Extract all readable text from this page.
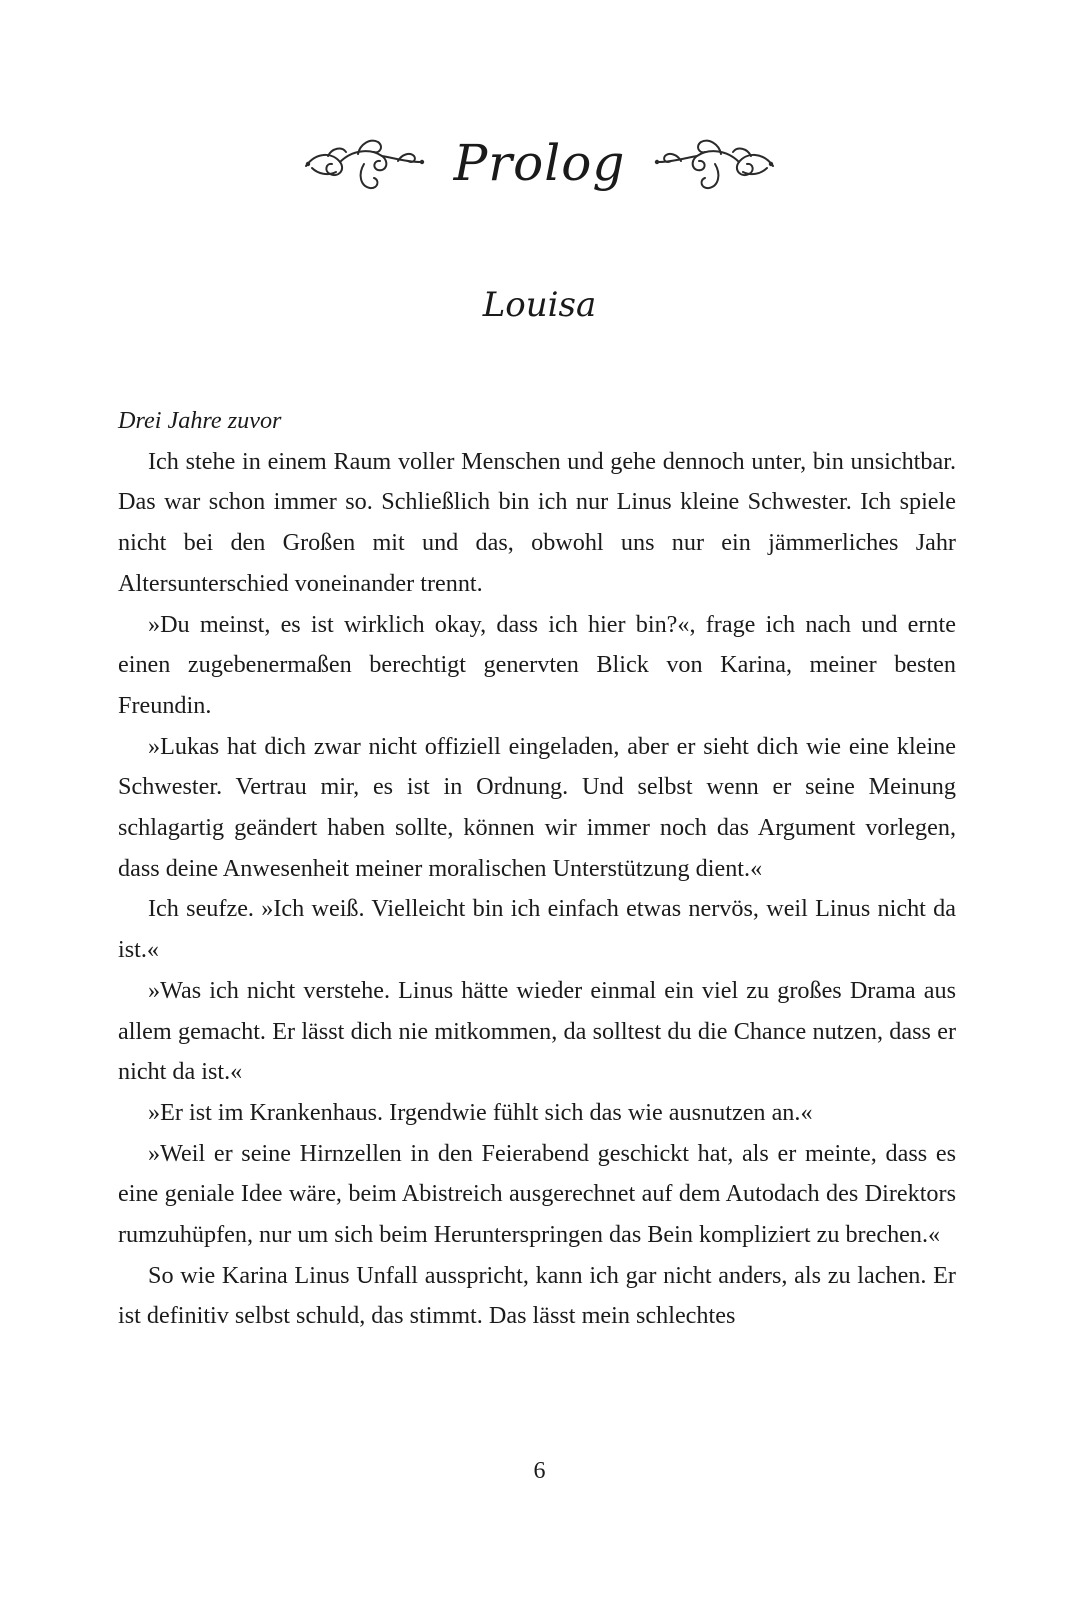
Prolog
Louisa
Drei Jahre zuvor

Ich stehe in einem Raum voller Menschen und gehe dennoch unter, bin unsichtbar. Das war schon immer so. Schließlich bin ich nur Linus kleine Schwester. Ich spiele nicht bei den Großen mit und das, obwohl uns nur ein jämmerliches Jahr Altersunterschied voneinander trennt.

»Du meinst, es ist wirklich okay, dass ich hier bin?«, frage ich nach und ernte einen zugebenermaßen berechtigt genervten Blick von Karina, meiner besten Freundin.

»Lukas hat dich zwar nicht offiziell eingeladen, aber er sieht dich wie eine kleine Schwester. Vertrau mir, es ist in Ordnung. Und selbst wenn er seine Meinung schlagartig geändert haben sollte, können wir immer noch das Argument vorlegen, dass deine Anwesenheit meiner moralischen Unterstützung dient.«

Ich seufze. »Ich weiß. Vielleicht bin ich einfach etwas nervös, weil Linus nicht da ist.«

»Was ich nicht verstehe. Linus hätte wieder einmal ein viel zu großes Drama aus allem gemacht. Er lässt dich nie mitkommen, da solltest du die Chance nutzen, dass er nicht da ist.«

»Er ist im Krankenhaus. Irgendwie fühlt sich das wie ausnutzen an.«

»Weil er seine Hirnzellen in den Feierabend geschickt hat, als er meinte, dass es eine geniale Idee wäre, beim Abistreich ausgerechnet auf dem Autodach des Direktors rumzuhüpfen, nur um sich beim Herunterspringen das Bein kompliziert zu brechen.«

So wie Karina Linus Unfall ausspricht, kann ich gar nicht anders, als zu lachen. Er ist definitiv selbst schuld, das stimmt. Das lässt mein schlechtes

6
